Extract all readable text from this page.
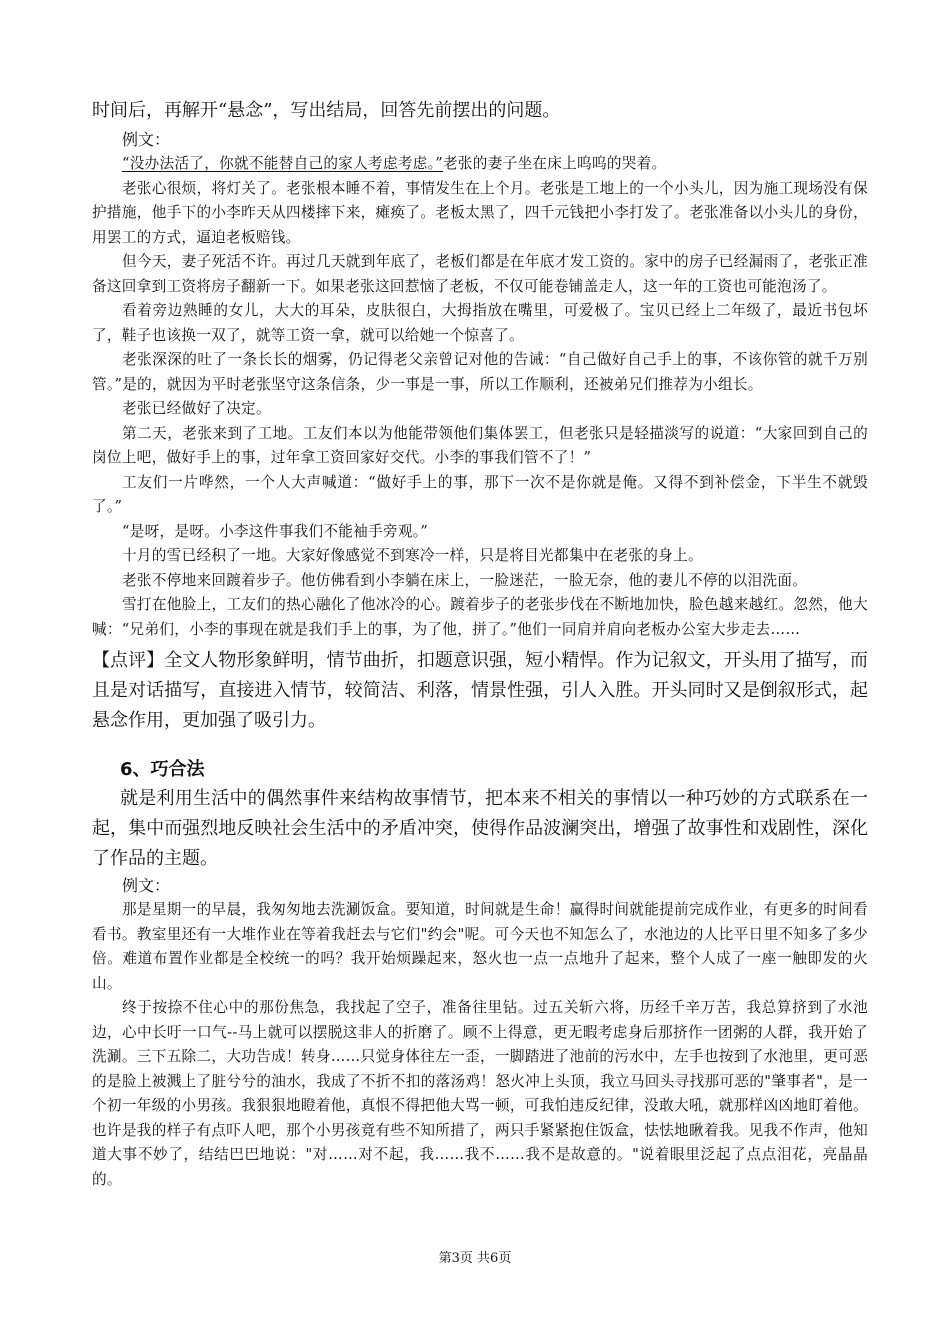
时间后，再解开“悬念”，写出结局，回答先前摆出的问题。

例文：

“没办法活了，你就不能替自己的家人考虑考虑。”老张的妻子坐在床上呜呜的哭着。

老张心很烦，将灯关了。老张根本睡不着，事情发生在上个月。老张是工地上的一个小头儿，因为施工现场没有保护措施，他手下的小李昨天从四楼摔下来，瘫痪了。老板太黑了，四千元钱把小李打发了。老张准备以小头儿的身份，用罢工的方式，逼迫老板赔钱。

但今天，妻子死活不许。再过几天就到年底了，老板们都是在年底才发工资的。家中的房子已经漏雨了，老张正准备这回拿到工资将房子翻新一下。如果老张这回惹恼了老板，不仅可能卷铺盖走人，这一年的工资也可能泡汤了。

看着旁边熟睡的女儿，大大的耳朵，皮肤很白，大拇指放在嘴里，可爱极了。宝贝已经上二年级了，最近书包坏了，鞋子也该换一双了，就等工资一拿，就可以给她一个惊喜了。

老张深深的吐了一条长长的烟雾，仍记得老父亲曾记对他的告诫：“自己做好自己手上的事，不该你管的就千万别管。”是的，就因为平时老张坚守这条信条，少一事是一事，所以工作顺利，还被弟兄们推荐为小组长。

老张已经做好了决定。

第二天，老张来到了工地。工友们本以为他能带领他们集体罢工，但老张只是轻描淡写的说道：“大家回到自己的岗位上吧，做好手上的事，过年拿工资回家好交代。小李的事我们管不了！”

工友们一片哗然，一个人大声喊道：“做好手上的事，那下一次不是你就是俺。又得不到补偿金，下半生不就毁了。”

“是呀，是呀。小李这件事我们不能袖手旁观。”

十月的雪已经积了一地。大家好像感觉不到寒冷一样，只是将目光都集中在老张的身上。

老张不停地来回踱着步子。他仿佛看到小李躺在床上，一脸迷茫，一脸无奈，他的妻儿不停的以泪洗面。

雪打在他脸上，工友们的热心融化了他冰冷的心。踱着步子的老张步伐在不断地加快，脸色越来越红。忽然，他大喊：“兄弟们，小李的事现在就是我们手上的事，为了他，拼了。”他们一同肩并肩向老板办公室大步走去……

【点评】全文人物形象鲜明，情节曲折，扣题意识强，短小精悍。作为记叙文，开头用了描写，而且是对话描写，直接进入情节，较简洁、利落，情景性强，引人入胜。开头同时又是倒叙形式，起悬念作用，更加强了吸引力。

6、巧合法

就是利用生活中的偶然事件来结构故事情节，把本来不相关的事情以一种巧妙的方式联系在一起，集中而强烈地反映社会生活中的矛盾冲突，使得作品波澜突出，增强了故事性和戏剧性，深化了作品的主题。

例文：

那是星期一的早晨，我匆匆地去洗涮饭盒。要知道，时间就是生命！赢得时间就能提前完成作业，有更多的时间看看书。教室里还有一大堆作业在等着我赶去与它们"约会"呢。可今天也不知怎么了，水池边的人比平日里不知多了多少倍。难道布置作业都是全校统一的吗？我开始烦躁起来，怒火也一点一点地升了起来，整个人成了一座一触即发的火山。

终于按捺不住心中的那份焦急，我找起了空子，准备往里钻。过五关斩六将，历经千辛万苦，我总算挤到了水池边，心中长吁一口气--马上就可以摆脱这非人的折磨了。顾不上得意，更无暇考虑身后那挤作一团粥的人群，我开始了洗涮。三下五除二，大功告成！转身……只觉身体往左一歪，一脚踏进了池前的污水中，左手也按到了水池里，更可恶的是脸上被溅上了脏兮兮的油水，我成了不折不扣的落汤鸡！怒火冲上头顶，我立马回头寻找那可恶的"肇事者"，是一个初一年级的小男孩。我狠狠地瞪着他，真恨不得把他大骂一顿，可我怕违反纪律，没敢大吼，就那样凶凶地盯着他。也许是我的样子有点吓人吧，那个小男孩竟有些不知所措了，两只手紧紧抱住饭盒，怯怯地瞅着我。见我不作声，他知道大事不妙了，结结巴巴地说："对……对不起，我……我不……我不是故意的。"说着眼里泛起了点点泪花，亮晶晶的。

第3页 共6页
